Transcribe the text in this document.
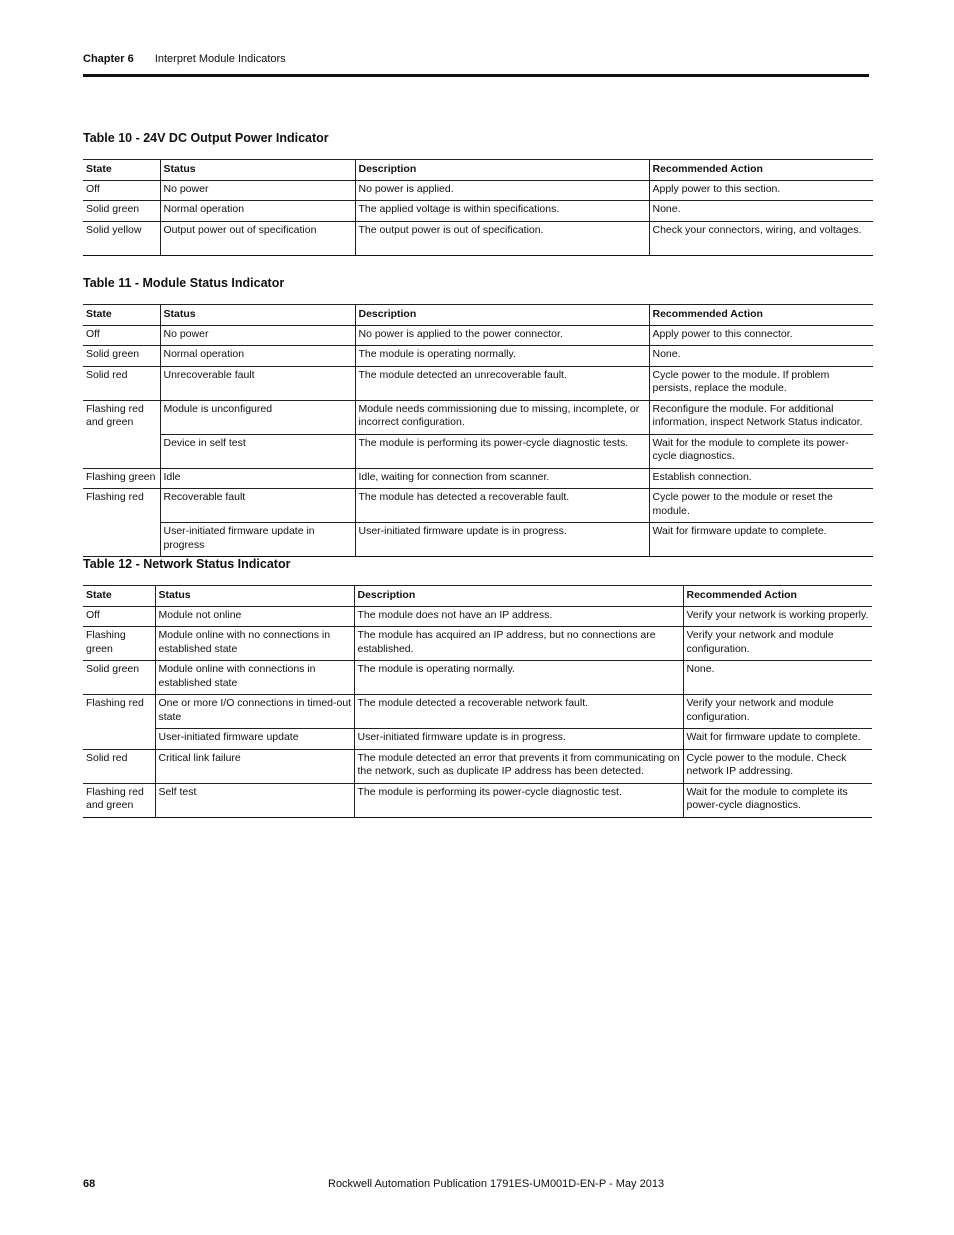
Chapter 6 Interpret Module Indicators
Table 10 - 24V DC Output Power Indicator
State	Status	Description	Recommended Action
Off	No power	No power is applied.	Apply power to this section.
Solid green	Normal operation	The applied voltage is within specifications.	None.
Solid yellow	Output power out of specification	The output power is out of specification.	Check your connectors, wiring, and voltages.
Table 11 - Module Status Indicator
State	Status	Description	Recommended Action
Off	No power	No power is applied to the power connector.	Apply power to this connector.
Solid green	Normal operation	The module is operating normally.	None.
Solid red	Unrecoverable fault	The module detected an unrecoverable fault.	Cycle power to the module. If problem persists, replace the module.
Flashing red and green	Module is unconfigured	Module needs commissioning due to missing, incomplete, or incorrect configuration.	Reconfigure the module. For additional information, inspect Network Status indicator.
	Device in self test	The module is performing its power-cycle diagnostic tests.	Wait for the module to complete its power-cycle diagnostics.
Flashing green	Idle	Idle, waiting for connection from scanner.	Establish connection.
Flashing red	Recoverable fault	The module has detected a recoverable fault.	Cycle power to the module or reset the module.
	User-initiated firmware update in progress	User-initiated firmware update is in progress.	Wait for firmware update to complete.
Table 12 - Network Status Indicator
State	Status	Description	Recommended Action
Off	Module not online	The module does not have an IP address.	Verify your network is working properly.
Flashing green	Module online with no connections in established state	The module has acquired an IP address, but no connections are established.	Verify your network and module configuration.
Solid green	Module online with connections in established state	The module is operating normally.	None.
Flashing red	One or more I/O connections in timed-out state	The module detected a recoverable network fault.	Verify your network and module configuration.
	User-initiated firmware update	User-initiated firmware update is in progress.	Wait for firmware update to complete.
Solid red	Critical link failure	The module detected an error that prevents it from communicating on the network, such as duplicate IP address has been detected.	Cycle power to the module. Check network IP addressing.
Flashing red and green	Self test	The module is performing its power-cycle diagnostic test.	Wait for the module to complete its power-cycle diagnostics.
68	Rockwell Automation Publication 1791ES-UM001D-EN-P - May 2013
